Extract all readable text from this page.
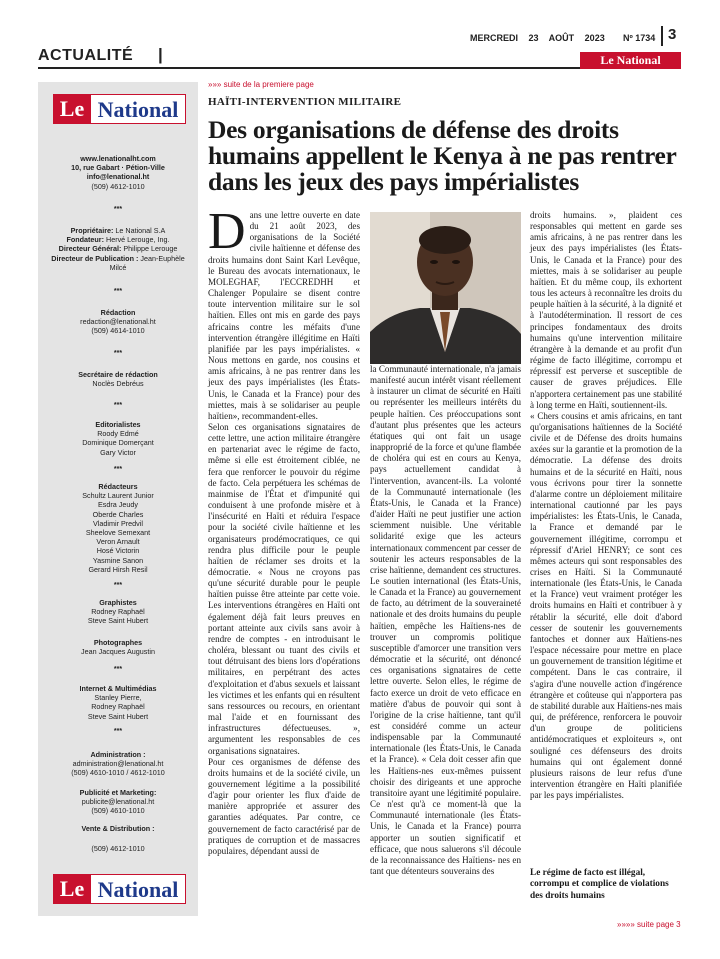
ACTUALITÉ |
MERCREDI 23 AOÛT 2023 Nº 1734 3
Le National
Le National
www.lenationalht.com
10, rue Gabart · Pétion-Ville
info@lenational.ht
(509) 4612-1010
***
Propriétaire: Le National S.A
Fondateur: Hervé Lerouge, Ing.
Directeur Général: Philippe Lerouge
Directeur de Publication : Jean-Euphèle
Milcé
***
Rédaction
redaction@lenational.ht
(509) 4614-1010
***
Secrétaire de rédaction
Noclès Debréus
***
Editorialistes
Roody Edmé
Dominique Domerçant
Gary Victor
***
Rédacteurs
Schultz Laurent Junior
Esdra Jeudy
Oberde Charles
Vladimir Predvil
Sheelove Semexant
Veron Arnault
Hosé Victorin
Yasmine Sanon
Gerard Hirsh Resil
***
Graphistes
Rodney Raphaël
Steve Saint Hubert
Photographes
Jean Jacques Augustin
***
Internet & Multimédias
Stanley Pierre,
Rodney Raphaël
Steve Saint Hubert
***
Administration :
administration@lenational.ht
(509) 4610-1010 / 4612-1010
Publicité et Marketing:
publicite@lenational.ht
(509) 4610-1010
Vente & Distribution :
(509) 4612-1010
Le National
»»» suite de la premiere page
HAÏTI-INTERVENTION MILITAIRE
Des organisations de défense des droits humains appellent le Kenya à ne pas rentrer dans les jeux des pays impérialistes
D ans une lettre ouverte en date du 21 août 2023, des organisations de la Société civile haïtienne et défense des droits humains dont Saint Karl Levêque, le Bureau des avocats internationaux, le MOLEGHAF, l'ECCREDHH et Chalenger Populaire se disent contre toute intervention militaire sur le sol haïtien. Elles ont mis en garde des pays africains contre les méfaits d'une intervention étrangère illégitime en Haïti planifiée par les pays impérialistes. « Nous mettons en garde, nos cousins et amis africains, à ne pas rentrer dans les jeux des pays impérialistes (les États-Unis, le Canada et la France) pour des miettes, mais à se solidariser au peuple haïtien», recommandent-elles.

Selon ces organisations signataires de cette lettre, une action militaire étrangère en partenariat avec le régime de facto, même si elle est étroitement ciblée, ne fera que renforcer le pouvoir du régime de facto. Cela perpétuera les schémas de mainmise de l'État et d'impunité qui conduisent à une profonde misère et à l'insécurité en Haïti et réduira l'espace pour la société civile haïtienne et les organisateurs prodémocratiques, ce qui rendra plus difficile pour le peuple haïtien de réclamer ses droits et la démocratie. « Nous ne croyons pas qu'une sécurité durable pour le peuple haïtien puisse être atteinte par cette voie. Les interventions étrangères en Haïti ont également déjà fait leurs preuves en portant atteinte aux civils sans avoir à rendre de comptes - en introduisant le choléra, blessant ou tuant des civils et tout détruisant des biens lors d'opérations militaires, en perpétrant des actes d'exploitation et d'abus sexuels et laissant les victimes et les enfants qui en résultent sans ressources ou recours, en orientant mal l'aide et en fournissant des infrastructures défectueuses. », argumentent les responsables de ces organisations signataires.

Pour ces organismes de défense des droits humains et de la société civile, un gouvernement légitime a la possibilité d'agir pour orienter les flux d'aide de manière appropriée et assurer des garanties adéquates. Par contre, ce gouvernement de facto caractérisé par de pratiques de corruption et de massacres populaires, dépendant aussi de

la Communauté internationale, n'a jamais manifesté aucun intérêt visant réellement à instaurer un climat de sécurité en Haïti ou représenter les meilleurs intérêts du peuple haïtien. Ces préoccupations sont d'autant plus présentes que les acteurs étatiques qui ont fait un usage inapproprié de la force et qu'une flambée de choléra qui est en cours au Kenya, pays actuellement candidat à l'intervention, avancent-ils. La volonté de la Communauté internationale (les États-Unis, le Canada et la France) d'aider Haïti ne peut justifier une action sciemment nuisible. Une véritable solidarité exige que les acteurs internationaux commencent par cesser de soutenir les acteurs responsables de la crise haïtienne, demandent ces structures. Le soutien international (les États-Unis, le Canada et la France) au gouvernement de facto, au détriment de la souveraineté nationale et des droits humains du peuple haïtien, empêche les Haïtiens-nes de trouver un compromis politique susceptible d'amorcer une transition vers démocratie et la sécurité, ont dénoncé ces organisations signataires de cette lettre ouverte. Selon elles, le régime de facto exerce un droit de veto efficace en matière d'abus de pouvoir qui sont à l'origine de la crise haïtienne, tant qu'il est considéré comme un acteur indispensable par la Communauté internationale (les États-Unis, le Canada et la France). « Cela doit cesser afin que les Haïtiens-nes eux-mêmes puissent choisir des dirigeants et une approche transitoire ayant une légitimité populaire. Ce n'est qu'à ce moment-là que la Communauté internationale (les États-Unis, le Canada et la France) pourra apporter un soutien significatif et efficace, que nous saluerons s'il découle de la reconnaissance des Haïtiens- nes en tant que détenteurs souverains des

droits humains. », plaident ces responsables qui mettent en garde ses amis africains, à ne pas rentrer dans les jeux des pays impérialistes (les États-Unis, le Canada et la France) pour des miettes, mais à se solidariser au peuple haïtien. Et du même coup, ils exhortent tous les acteurs à reconnaître les droits du peuple haïtien à la sécurité, à la dignité et à l'autodétermination. Il ressort de ces principes fondamentaux des droits humains qu'une intervention militaire étrangère à la demande et au profit d'un régime de facto illégitime, corrompu et répressif est perverse et susceptible de causer de graves préjudices. Elle n'apportera certainement pas une stabilité à long terme en Haïti, soutiennent-ils.

« Chers cousins et amis africains, en tant qu'organisations haïtiennes de la Société civile et de Défense des droits humains axées sur la garantie et la promotion de la démocratie. La défense des droits humains et de la sécurité en Haïti, nous vous écrivons pour tirer la sonnette d'alarme contre un déploiement militaire international cautionné par les pays impérialistes: les États-Unis, le Canada, la France et demandé par le gouvernement illégitime, corrompu et répressif d'Ariel HENRY; ce sont ces mêmes acteurs qui sont responsables des crises en Haïti. Si la Communauté internationale (les États-Unis, le Canada et la France) veut vraiment protéger les droits humains en Haïti et contribuer à y rétablir la sécurité, elle doit d'abord cesser de soutenir les gouvernements fantoches et donner aux Haïtiens-nes l'espace nécessaire pour mettre en place un gouvernement de transition légitime et compétent. Dans le cas contraire, il s'agira d'une nouvelle action d'ingérence étrangère et coûteuse qui n'apportera pas de stabilité durable aux Haïtiens-nes mais qui, de préférence, renforcera le pouvoir d'un groupe de politiciens antidémocratiques et exploiteurs », ont souligné ces défenseurs des droits humains qui ont également donné plusieurs raisons de leur refus d'une intervention étrangère en Haïti planifiée par les pays impérialistes.

Le régime de facto est illégal, corrompu et complice de violations des droits humains
»»»» suite page 3
